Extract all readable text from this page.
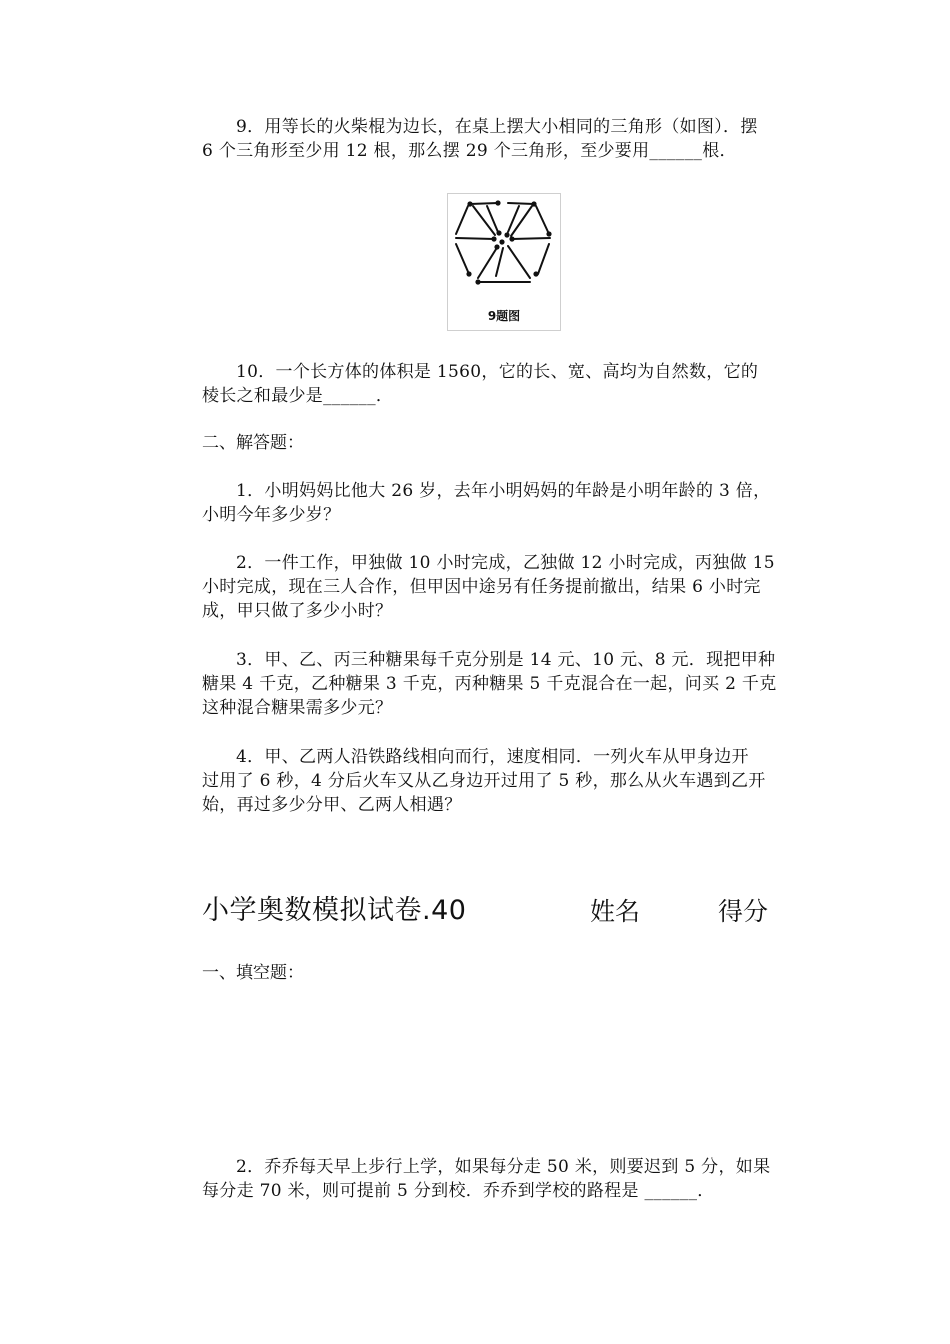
9．用等长的火柴棍为边长，在桌上摆大小相同的三角形（如图）．摆
6 个三角形至少用 12 根，那么摆 29 个三角形，至少要用______根．
9题图
10．一个长方体的体积是 1560，它的长、宽、高均为自然数，它的
棱长之和最少是______．
二、解答题：
1．小明妈妈比他大 26 岁，去年小明妈妈的年龄是小明年龄的 3 倍，
小明今年多少岁？
2．一件工作，甲独做 10 小时完成，乙独做 12 小时完成，丙独做 15
小时完成，现在三人合作，但甲因中途另有任务提前撤出，结果 6 小时完
成，甲只做了多少小时？
3．甲、乙、丙三种糖果每千克分别是 14 元、10 元、8 元．现把甲种
糖果 4 千克，乙种糖果 3 千克，丙种糖果 5 千克混合在一起，问买 2 千克
这种混合糖果需多少元？
4．甲、乙两人沿铁路线相向而行，速度相同．一列火车从甲身边开
过用了 6 秒，4 分后火车又从乙身边开过用了 5 秒，那么从火车遇到乙开
始，再过多少分甲、乙两人相遇？
小学奥数模拟试卷.40	姓名	得分
一、填空题：
2．乔乔每天早上步行上学，如果每分走 50 米，则要迟到 5 分，如果
每分走 70 米，则可提前 5 分到校．乔乔到学校的路程是 ______．
